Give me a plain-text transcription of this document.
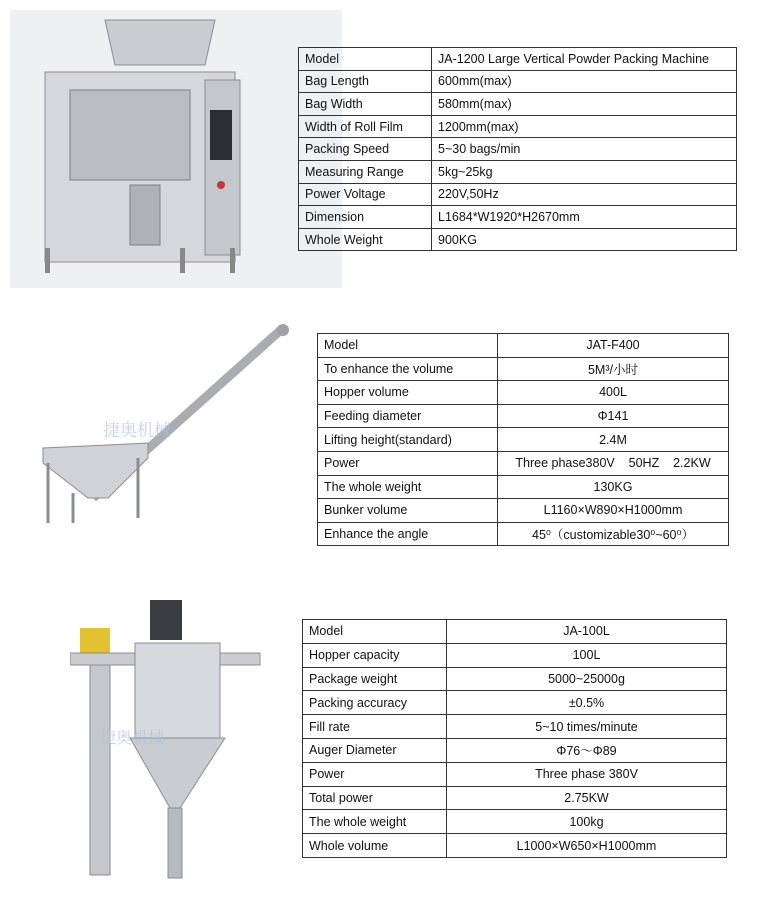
Model	JA-1200 Large Vertical Powder Packing Machine
Bag Length	600mm(max)
Bag Width	580mm(max)
Width of Roll Film	1200mm(max)
Packing Speed	5~30 bags/min
Measuring Range	5kg~25kg
Power Voltage	220V,50Hz
Dimension	L1684*W1920*H2670mm
Whole Weight	900KG
捷奥机械
Model	JAT-F400
To enhance the volume	5M³/小时
Hopper volume	400L
Feeding diameter	Φ141
Lifting height(standard)	2.4M
Power	Three phase380V    50HZ    2.2KW
The whole weight	130KG
Bunker volume	L1160×W890×H1000mm
Enhance the angle	45⁰（customizable30⁰~60⁰）
捷奥机械
Model	JA-100L
Hopper capacity	100L
Package weight	5000~25000g
Packing accuracy	±0.5%
Fill rate	5~10 times/minute
Auger Diameter	Φ76～Φ89
Power	Three phase 380V
Total power	2.75KW
The whole weight	100kg
Whole volume	L1000×W650×H1000mm
